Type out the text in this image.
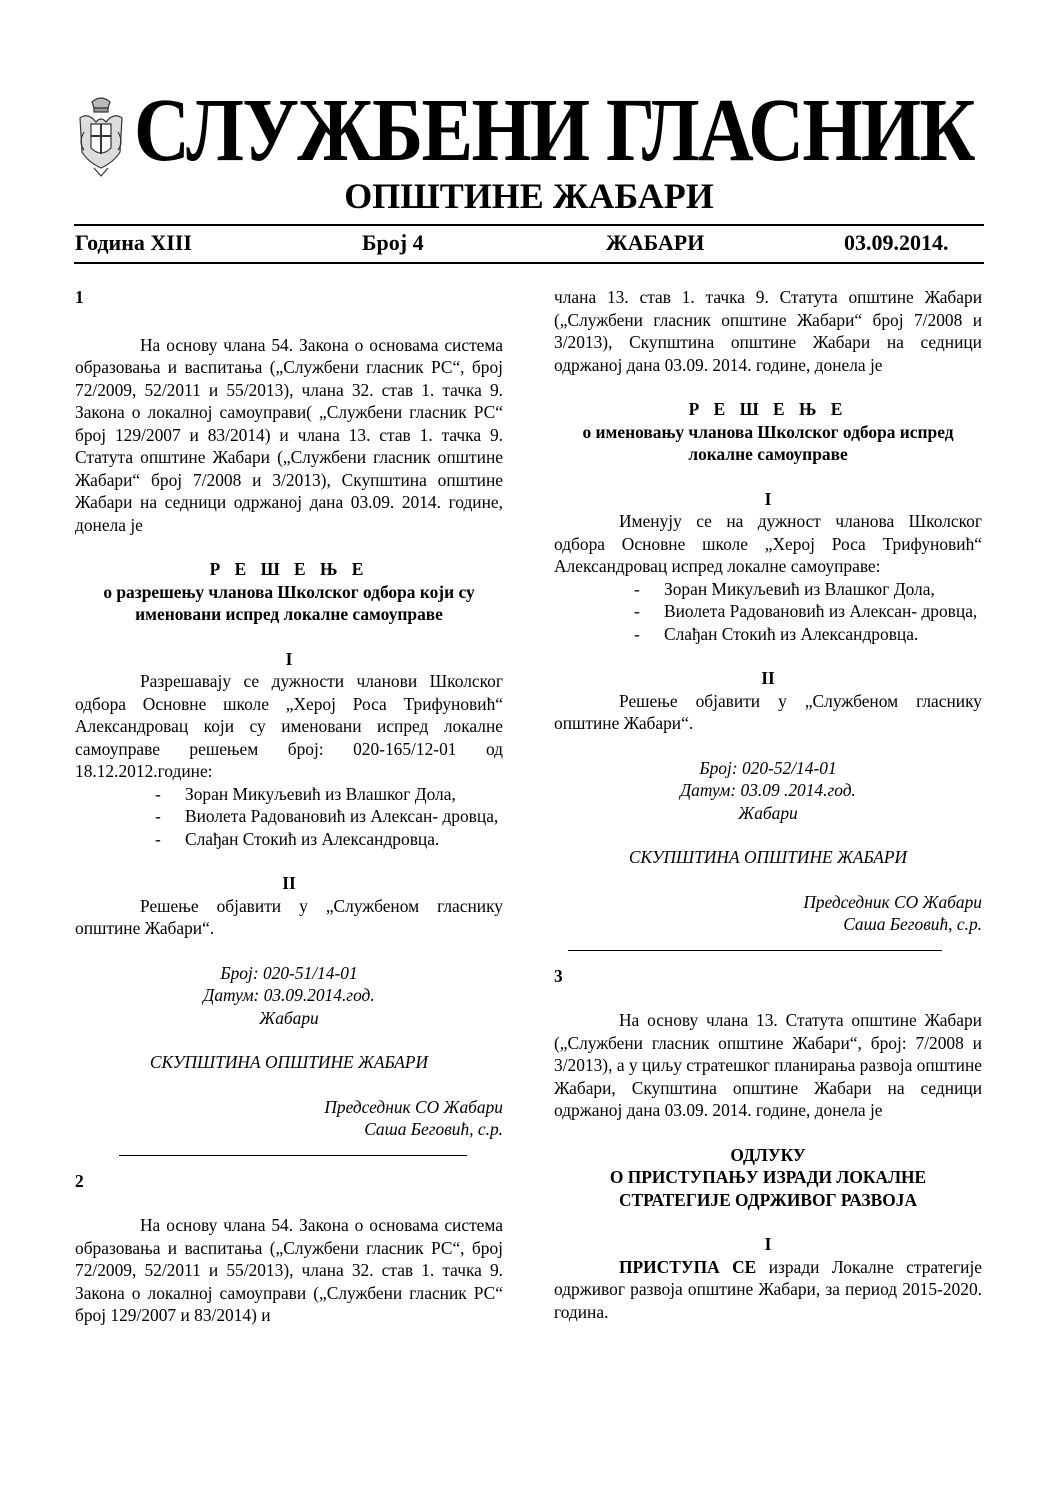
СЛУЖБЕНИ ГЛАСНИК
ОПШТИНЕ ЖАБАРИ
Година XIII	Број 4	ЖАБАРИ	03.09.2014.

1

На основу члана 54. Закона о основама система образовања и васпитања („Службени гласник РС“, број 72/2009, 52/2011 и 55/2013), члана 32. став 1. тачка 9. Закона о локалној самоуправи( „Службени гласник РС“ број 129/2007 и 83/2014) и члана 13. став 1. тачка 9. Статута општине Жабари („Службени гласник општине Жабари“ број 7/2008 и 3/2013), Скупштина општине Жабари на седници одржаној дана 03.09. 2014. године, донела је

Р Е Ш Е Њ Е

о разрешењу чланова Школског одбора који су именовани испред локалне самоуправе

I

Разрешавају се дужности чланови Школског одбора Основне школе „Херој Роса Трифуновић“ Александровац који су именовани испред локалне самоуправе решењем број: 020-165/12-01 од 18.12.2012.године:

- Зоран Микуљевић из Влашког Дола,
- Виолета Радовановић из Алексан- дровца,
- Слађан Стокић из Александровца.

II

Решење објавити у „Службеном гласнику општине Жабари“.

Број: 020-51/14-01

Датум: 03.09.2014.год.

Жабари

СКУПШТИНА ОПШТИНЕ ЖАБАРИ

Председник СО Жабари

Саша Беговић, с.р.

2

На основу члана 54. Закона о основама система образовања и васпитања („Службени гласник РС“, број 72/2009, 52/2011 и 55/2013), члана 32. став 1. тачка 9. Закона о локалној самоуправи („Службени гласник РС“ број 129/2007 и 83/2014) и

члана 13. став 1. тачка 9. Статута општине Жабари („Службени гласник општине Жабари“ број 7/2008 и 3/2013), Скупштина општине Жабари на седници одржаној дана 03.09. 2014. године, донела је

Р Е Ш Е Њ Е

о именовању чланова Школског одбора испред локалне самоуправе

I

Именују се на дужност чланова Школског одбора Основне школе „Херој Роса Трифуновић“ Александровац испред локалне самоуправе:

- Зоран Микуљевић из Влашког Дола,
- Виолета Радовановић из Алексан- дровца,
- Слађан Стокић из Александровца.

II

Решење објавити у „Службеном гласнику општине Жабари“.

Број: 020-52/14-01

Датум: 03.09 .2014.год.

Жабари

СКУПШТИНА ОПШТИНЕ ЖАБАРИ

Председник СО Жабари

Саша Беговић, с.р.

3

На основу члана 13. Статута општине Жабари („Службени гласник општине Жабари“, број: 7/2008 и 3/2013), а у циљу стратешког планирања развоја општине Жабари, Скупштина општине Жабари на седници одржаној дана 03.09. 2014. године, донела је

ОДЛУКУ

О ПРИСТУПАЊУ ИЗРАДИ ЛОКАЛНЕ

СТРАТЕГИЈЕ ОДРЖИВОГ РАЗВОЈА

I

ПРИСТУПА СЕ изради Локалне стратегије одрживог развоја општине Жабари, за период 2015-2020. година.
